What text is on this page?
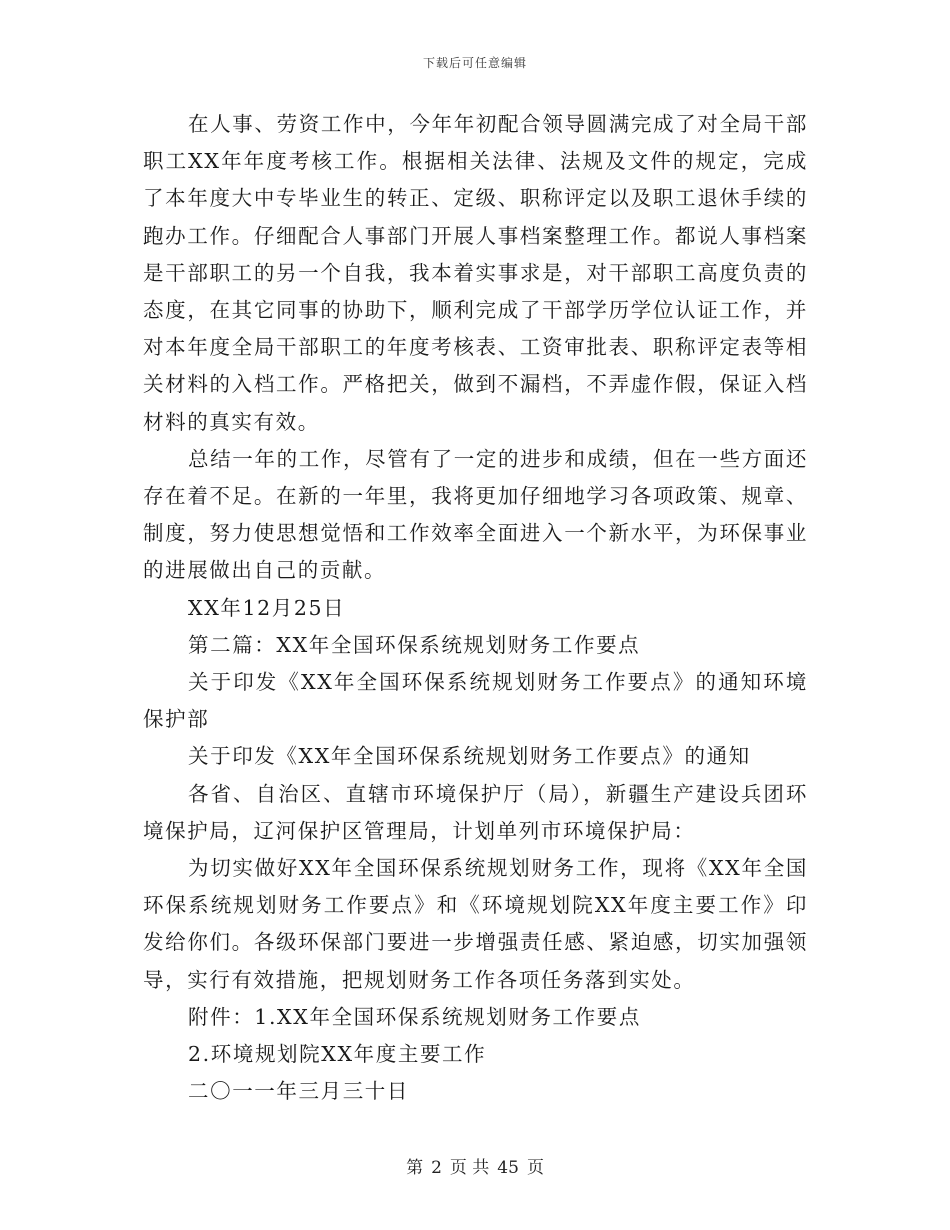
下载后可任意编辑

在人事、劳资工作中，今年年初配合领导圆满完成了对全局干部职工XX年年度考核工作。根据相关法律、法规及文件的规定，完成了本年度大中专毕业生的转正、定级、职称评定以及职工退休手续的跑办工作。仔细配合人事部门开展人事档案整理工作。都说人事档案是干部职工的另一个自我，我本着实事求是，对干部职工高度负责的态度，在其它同事的协助下，顺利完成了干部学历学位认证工作，并对本年度全局干部职工的年度考核表、工资审批表、职称评定表等相关材料的入档工作。严格把关，做到不漏档，不弄虚作假，保证入档材料的真实有效。

总结一年的工作，尽管有了一定的进步和成绩，但在一些方面还存在着不足。在新的一年里，我将更加仔细地学习各项政策、规章、制度，努力使思想觉悟和工作效率全面进入一个新水平，为环保事业的进展做出自己的贡献。

XX年12月25日

第二篇：XX年全国环保系统规划财务工作要点

关于印发《XX年全国环保系统规划财务工作要点》的通知环境保护部

关于印发《XX年全国环保系统规划财务工作要点》的通知

各省、自治区、直辖市环境保护厅（局），新疆生产建设兵团环境保护局，辽河保护区管理局，计划单列市环境保护局：

为切实做好XX年全国环保系统规划财务工作，现将《XX年全国环保系统规划财务工作要点》和《环境规划院XX年度主要工作》印发给你们。各级环保部门要进一步增强责任感、紧迫感，切实加强领导，实行有效措施，把规划财务工作各项任务落到实处。

附件：1.XX年全国环保系统规划财务工作要点

2.环境规划院XX年度主要工作

二〇一一年三月三十日

第 2 页 共 45 页
